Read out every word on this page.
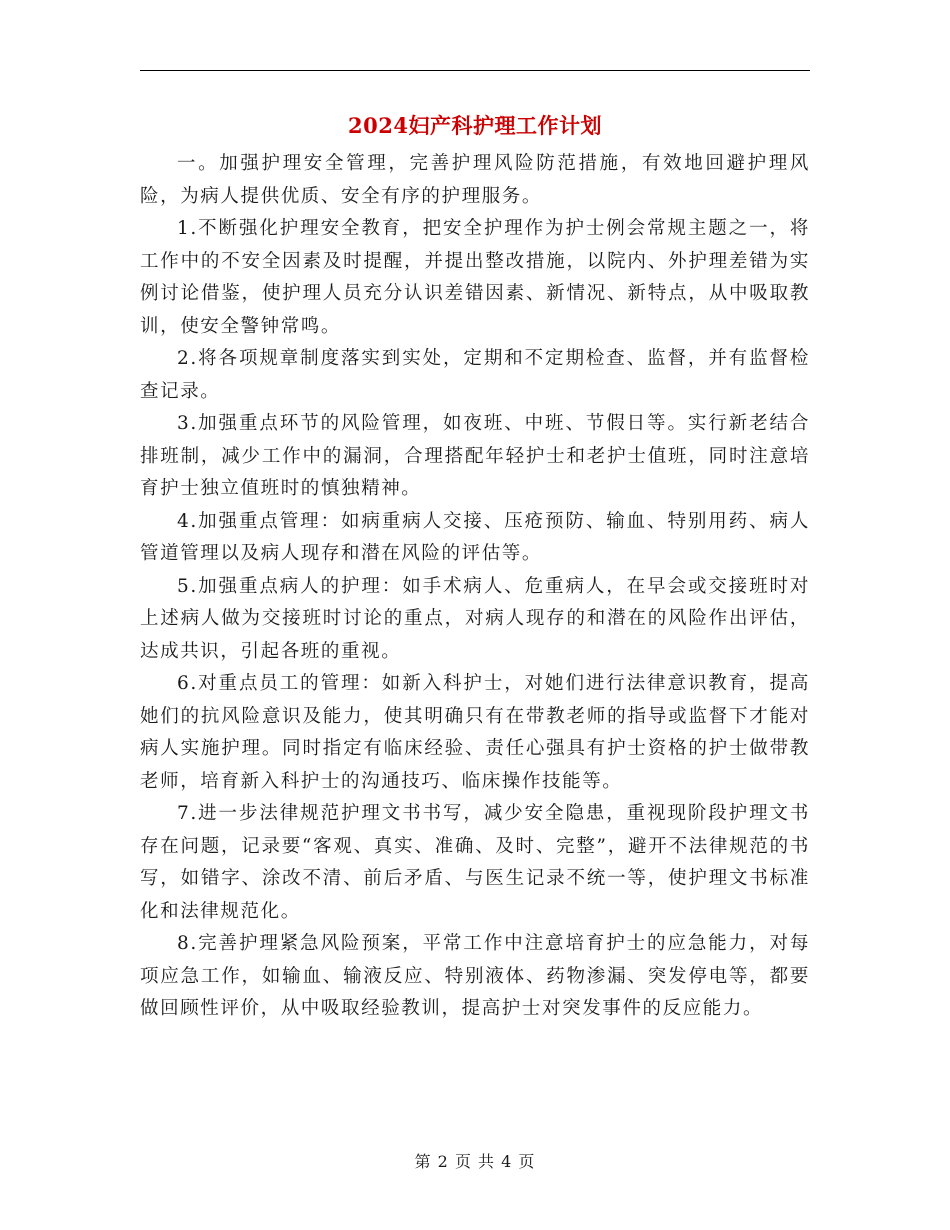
2024妇产科护理工作计划

一。加强护理安全管理，完善护理风险防范措施，有效地回避护理风险，为病人提供优质、安全有序的护理服务。

1.不断强化护理安全教育，把安全护理作为护士例会常规主题之一，将工作中的不安全因素及时提醒，并提出整改措施，以院内、外护理差错为实例讨论借鉴，使护理人员充分认识差错因素、新情况、新特点，从中吸取教训，使安全警钟常鸣。

2.将各项规章制度落实到实处，定期和不定期检查、监督，并有监督检查记录。

3.加强重点环节的风险管理，如夜班、中班、节假日等。实行新老结合排班制，减少工作中的漏洞，合理搭配年轻护士和老护士值班，同时注意培育护士独立值班时的慎独精神。

4.加强重点管理：如病重病人交接、压疮预防、输血、特别用药、病人管道管理以及病人现存和潜在风险的评估等。

5.加强重点病人的护理：如手术病人、危重病人，在早会或交接班时对上述病人做为交接班时讨论的重点，对病人现存的和潜在的风险作出评估，达成共识，引起各班的重视。

6.对重点员工的管理：如新入科护士，对她们进行法律意识教育，提高她们的抗风险意识及能力，使其明确只有在带教老师的指导或监督下才能对病人实施护理。同时指定有临床经验、责任心强具有护士资格的护士做带教老师，培育新入科护士的沟通技巧、临床操作技能等。

7.进一步法律规范护理文书书写，减少安全隐患，重视现阶段护理文书存在问题，记录要“客观、真实、准确、及时、完整”，避开不法律规范的书写，如错字、涂改不清、前后矛盾、与医生记录不统一等，使护理文书标准化和法律规范化。

8.完善护理紧急风险预案，平常工作中注意培育护士的应急能力，对每项应急工作，如输血、输液反应、特别液体、药物渗漏、突发停电等，都要做回顾性评价，从中吸取经验教训，提高护士对突发事件的反应能力。

第 2 页 共 4 页
